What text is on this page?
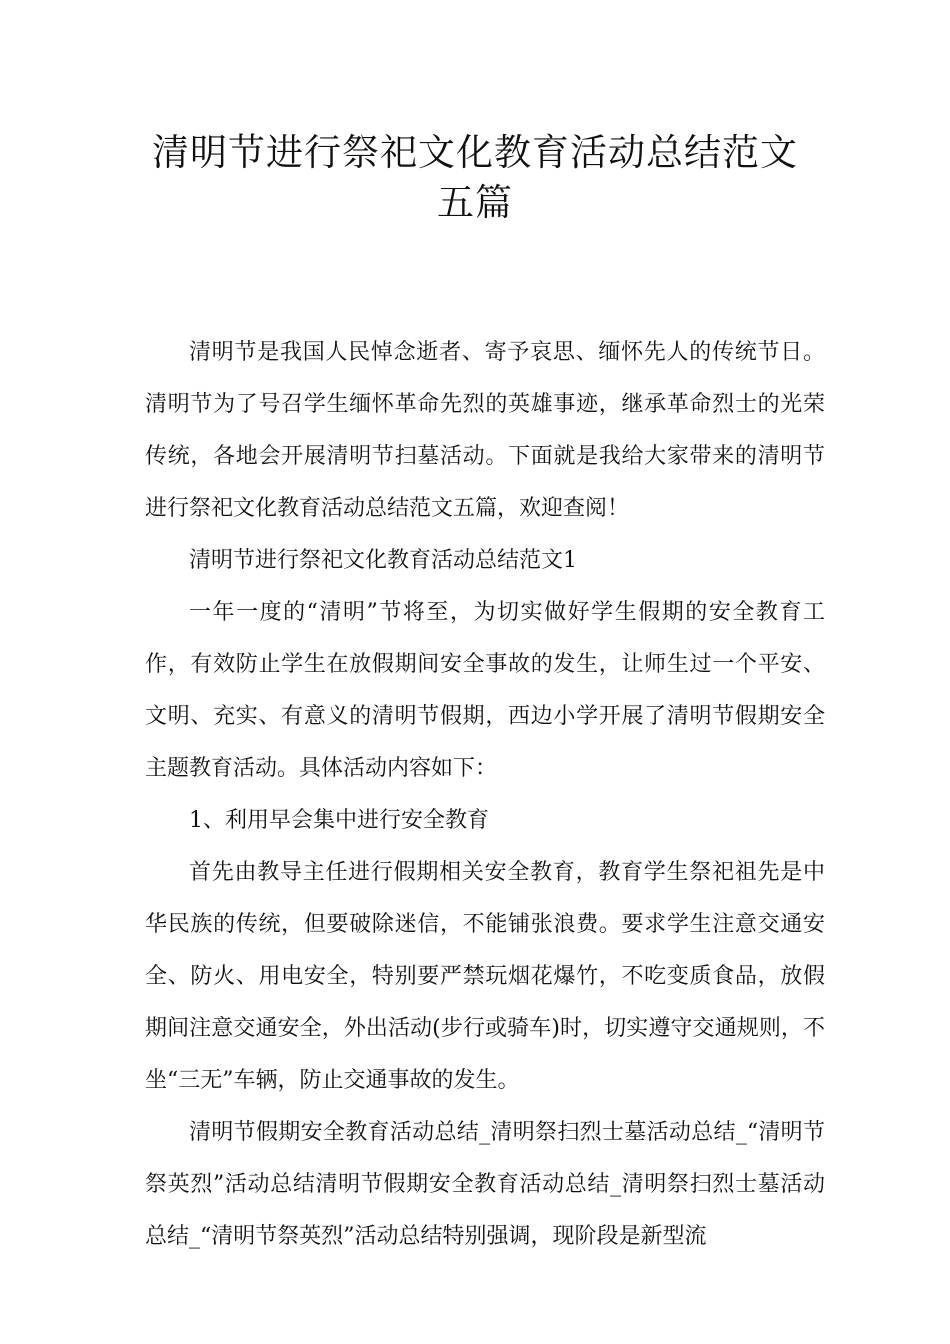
清明节进行祭祀文化教育活动总结范文
五篇

清明节是我国人民悼念逝者、寄予哀思、缅怀先人的传统节日。清明节为了号召学生缅怀革命先烈的英雄事迹，继承革命烈士的光荣传统，各地会开展清明节扫墓活动。下面就是我给大家带来的清明节进行祭祀文化教育活动总结范文五篇，欢迎查阅！

清明节进行祭祀文化教育活动总结范文1

一年一度的“清明”节将至，为切实做好学生假期的安全教育工作，有效防止学生在放假期间安全事故的发生，让师生过一个平安、文明、充实、有意义的清明节假期，西边小学开展了清明节假期安全主题教育活动。具体活动内容如下：

1、利用早会集中进行安全教育

首先由教导主任进行假期相关安全教育，教育学生祭祀祖先是中华民族的传统，但要破除迷信，不能铺张浪费。要求学生注意交通安全、防火、用电安全，特别要严禁玩烟花爆竹，不吃变质食品，放假期间注意交通安全，外出活动(步行或骑车)时，切实遵守交通规则，不坐“三无”车辆，防止交通事故的发生。

清明节假期安全教育活动总结_清明祭扫烈士墓活动总结_“清明节祭英烈”活动总结清明节假期安全教育活动总结_清明祭扫烈士墓活动总结_“清明节祭英烈”活动总结特别强调，现阶段是新型流
